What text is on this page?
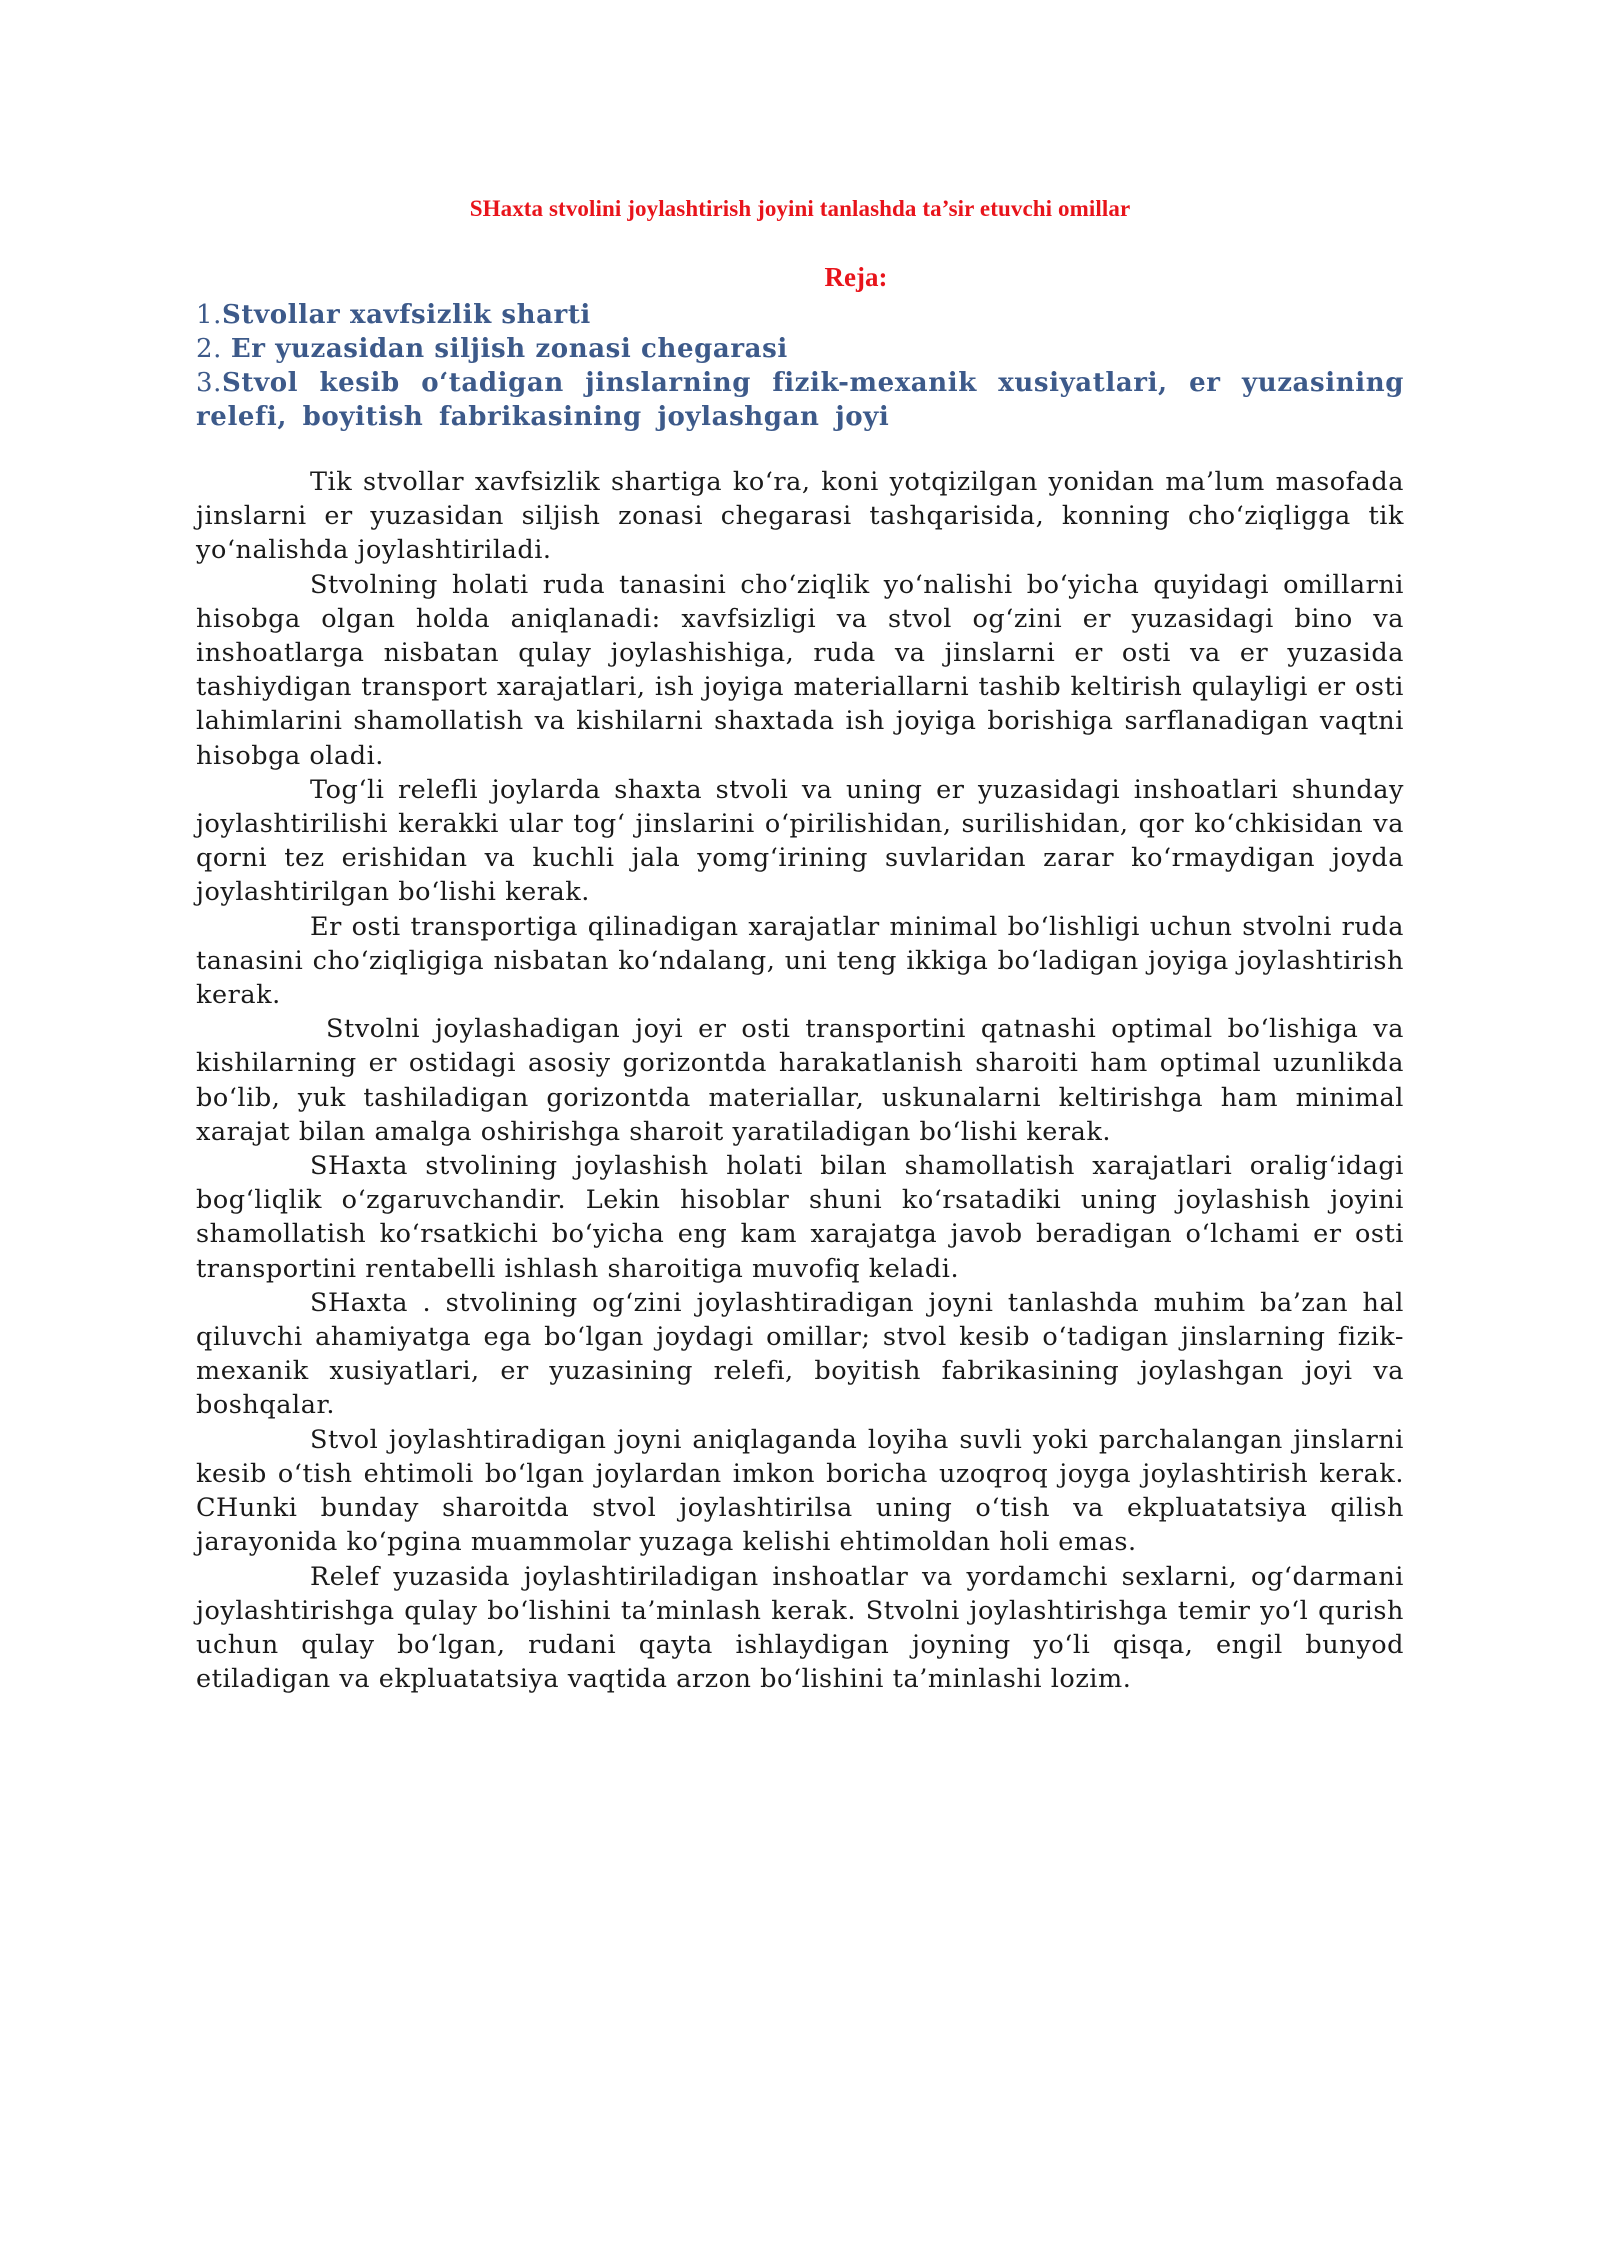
SHaxta stvolini joylashtirish joyini tanlashda ta’sir etuvchi omillar
Reja:
1.Stvollar xavfsizlik sharti
2. Er yuzasidan siljish zonasi chegarasi
3.Stvol kesib o‘tadigan jinslarning fizik-mexanik xusiyatlari, er yuzasining relefi, boyitish fabrikasining joylashgan joyi

Tik stvollar xavfsizlik shartiga ko‘ra, koni yotqizilgan yonidan ma’lum masofada jinslarni er yuzasidan siljish zonasi chegarasi tashqarisida, konning cho‘ziqligga tik yo‘nalishda joylashtiriladi.

Stvolning holati ruda tanasini cho‘ziqlik yo‘nalishi bo‘yicha quyidagi omillarni hisobga olgan holda aniqlanadi: xavfsizligi va stvol og‘zini er yuzasidagi bino va inshoatlarga nisbatan qulay joylashishiga, ruda va jinslarni er osti va er yuzasida tashiydigan transport xarajatlari, ish joyiga materiallarni tashib keltirish qulayligi er osti lahimlarini shamollatish va kishilarni shaxtada ish joyiga borishiga sarflanadigan vaqtni hisobga oladi.

Tog‘li relefli joylarda shaxta stvoli va uning er yuzasidagi inshoatlari shunday joylashtirilishi kerakki ular tog‘ jinslarini o‘pirilishidan, surilishidan, qor ko‘chkisidan va qorni tez erishidan va kuchli jala yomg‘irining suvlaridan zarar ko‘rmaydigan joyda joylashtirilgan bo‘lishi kerak.

Er osti transportiga qilinadigan xarajatlar minimal bo‘lishligi uchun stvolni ruda tanasini cho‘ziqligiga nisbatan ko‘ndalang, uni teng ikkiga bo‘ladigan joyiga joylashtirish kerak.

Stvolni joylashadigan joyi er osti transportini qatnashi optimal bo‘lishiga va kishilarning er ostidagi asosiy gorizontda harakatlanish sharoiti ham optimal uzunlikda bo‘lib, yuk tashiladigan gorizontda materiallar, uskunalarni keltirishga ham minimal xarajat bilan amalga oshirishga sharoit yaratiladigan bo‘lishi kerak.

SHaxta stvolining joylashish holati bilan shamollatish xarajatlari oralig‘idagi bog‘liqlik o‘zgaruvchandir. Lekin hisoblar shuni ko‘rsatadiki uning joylashish joyini shamollatish ko‘rsatkichi bo‘yicha eng kam xarajatga javob beradigan o‘lchami er osti transportini rentabelli ishlash sharoitiga muvofiq keladi.

SHaxta . stvolining og‘zini joylashtiradigan joyni tanlashda muhim ba’zan hal qiluvchi ahamiyatga ega bo‘lgan joydagi omillar; stvol kesib o‘tadigan jinslarning fizik-mexanik xusiyatlari, er yuzasining relefi, boyitish fabrikasining joylashgan joyi va boshqalar.

Stvol joylashtiradigan joyni aniqlaganda loyiha suvli yoki parchalangan jinslarni kesib o‘tish ehtimoli bo‘lgan joylardan imkon boricha uzoqroq joyga joylashtirish kerak. CHunki bunday sharoitda stvol joylashtirilsa uning o‘tish va ekpluatatsiya qilish jarayonida ko‘pgina muammolar yuzaga kelishi ehtimoldan holi emas.

Relef yuzasida joylashtiriladigan inshoatlar va yordamchi sexlarni, og‘darmani joylashtirishga qulay bo‘lishini ta’minlash kerak. Stvolni joylashtirishga temir yo‘l qurish uchun qulay bo‘lgan, rudani qayta ishlaydigan joyning yo‘li qisqa, engil bunyod etiladigan va ekpluatatsiya vaqtida arzon bo‘lishini ta’minlashi lozim.
